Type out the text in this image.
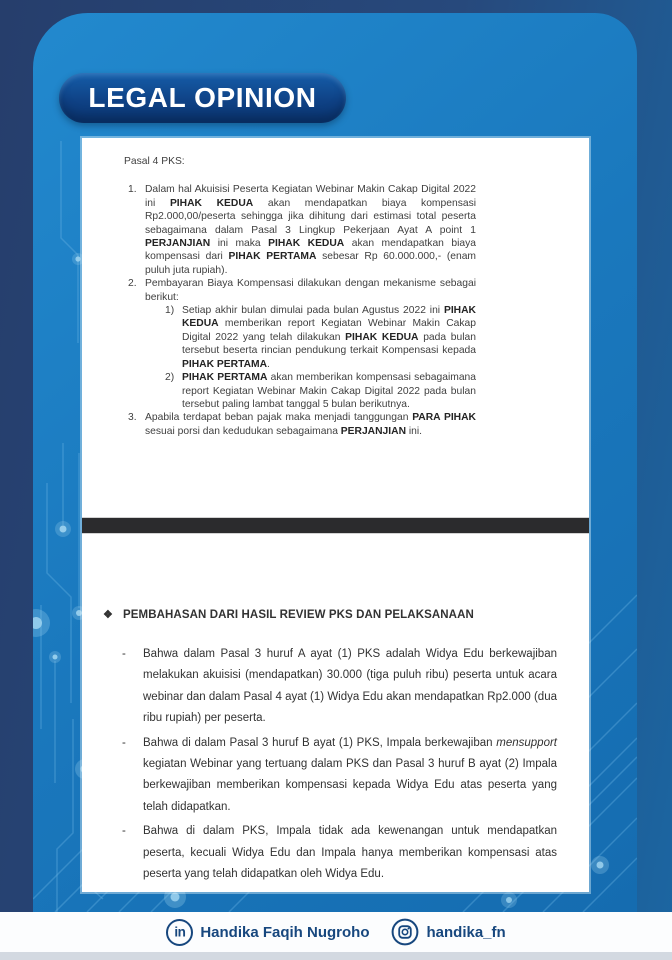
LEGAL OPINION

Pasal 4 PKS:

1. Dalam hal Akuisisi Peserta Kegiatan Webinar Makin Cakap Digital 2022 ini PIHAK KEDUA akan mendapatkan biaya kompensasi Rp2.000,00/peserta sehingga jika dihitung dari estimasi total peserta sebagaimana dalam Pasal 3 Lingkup Pekerjaan Ayat A point 1 PERJANJIAN ini maka PIHAK KEDUA akan mendapatkan biaya kompensasi dari PIHAK PERTAMA sebesar Rp 60.000.000,- (enam puluh juta rupiah).

2. Pembayaran Biaya Kompensasi dilakukan dengan mekanisme sebagai berikut:

1) Setiap akhir bulan dimulai pada bulan Agustus 2022 ini PIHAK KEDUA memberikan report Kegiatan Webinar Makin Cakap Digital 2022 yang telah dilakukan PIHAK KEDUA pada bulan tersebut beserta rincian pendukung terkait Kompensasi kepada PIHAK PERTAMA.

2) PIHAK PERTAMA akan memberikan kompensasi sebagaimana report Kegiatan Webinar Makin Cakap Digital 2022 pada bulan tersebut paling lambat tanggal 5 bulan berikutnya.

3. Apabila terdapat beban pajak maka menjadi tanggungan PARA PIHAK sesuai porsi dan kedudukan sebagaimana PERJANJIAN ini.

❖ PEMBAHASAN DARI HASIL REVIEW PKS DAN PELAKSANAAN
-	Bahwa dalam Pasal 3 huruf A ayat (1) PKS adalah Widya Edu berkewajiban melakukan akuisisi (mendapatkan) 30.000 (tiga puluh ribu) peserta untuk acara webinar dan dalam Pasal 4 ayat (1) Widya Edu akan mendapatkan Rp2.000 (dua ribu rupiah) per peserta.

-	Bahwa di dalam Pasal 3 huruf B ayat (1) PKS, Impala berkewajiban mensupport kegiatan Webinar yang tertuang dalam PKS dan Pasal 3 huruf B ayat (2) Impala berkewajiban memberikan kompensasi kepada Widya Edu atas peserta yang telah didapatkan.

-	Bahwa di dalam PKS, Impala tidak ada kewenangan untuk mendapatkan peserta, kecuali Widya Edu dan Impala hanya memberikan kompensasi atas peserta yang telah didapatkan oleh Widya Edu.

in Handika Faqih Nugroho	handika_fn
